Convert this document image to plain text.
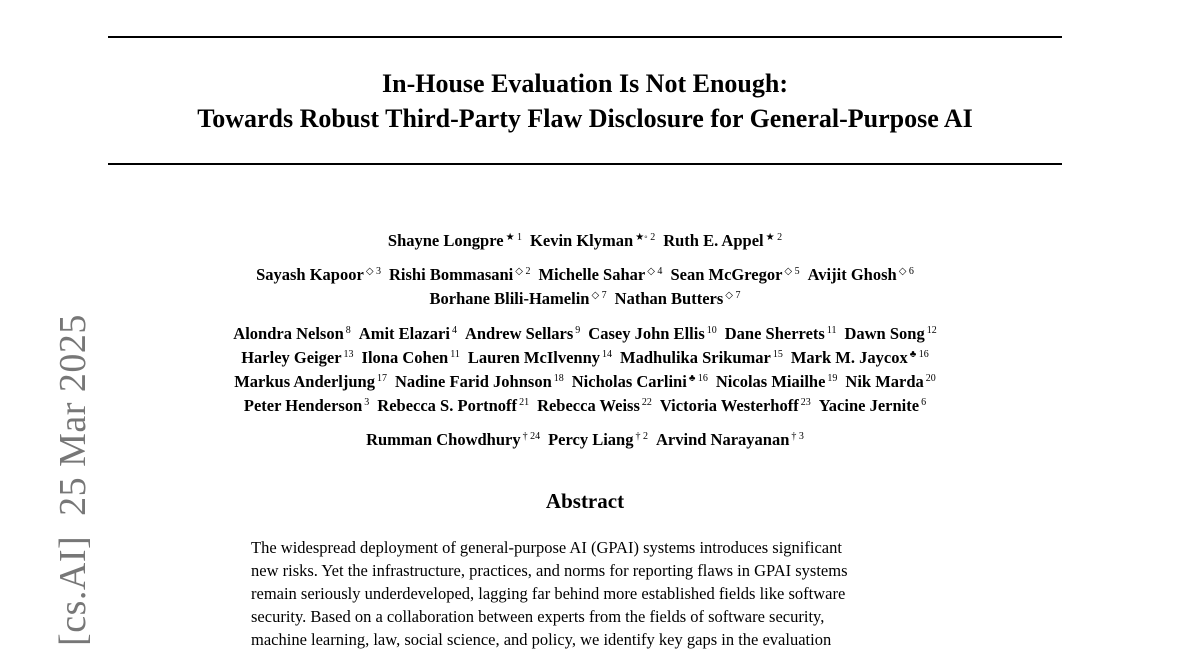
In-House Evaluation Is Not Enough:
Towards Robust Third-Party Flaw Disclosure for General-Purpose AI
Shayne Longpre $^{★ 1}$ Kevin Klyman $^{★◦ 2}$ Ruth E. Appel $^{★ 2}$
Sayash Kapoor $^{◇ 3}$ Rishi Bommasani $^{◇ 2}$ Michelle Sahar $^{◇ 4}$ Sean McGregor $^{◇ 5}$ Avijit Ghosh $^{◇ 6}$
Borhane Blili-Hamelin $^{◇ 7}$ Nathan Butters $^{◇ 7}$
Alondra Nelson $^8$ Amit Elazari $^4$ Andrew Sellars $^9$ Casey John Ellis $^{10}$ Dane Sherrets $^{11}$ Dawn Song $^{12}$
Harley Geiger $^{13}$ Ilona Cohen $^{11}$ Lauren McIlvenny $^{14}$ Madhulika Srikumar $^{15}$ Mark M. Jaycox $^{♣ 16}$
Markus Anderljung $^{17}$ Nadine Farid Johnson $^{18}$ Nicholas Carlini $^{♣ 16}$ Nicolas Miailhe $^{19}$ Nik Marda $^{20}$
Peter Henderson $^3$ Rebecca S. Portnoff $^{21}$ Rebecca Weiss $^{22}$ Victoria Westerhoff $^{23}$ Yacine Jernite $^6$
Rumman Chowdhury $^{\dagger 24}$ Percy Liang $^{\dagger 2}$ Arvind Narayanan $^{\dagger 3}$
Abstract
The widespread deployment of general-purpose AI (GPAI) systems introduces significant
new risks. Yet the infrastructure, practices, and norms for reporting flaws in GPAI systems
remain seriously underdeveloped, lagging far behind more established fields like software
security. Based on a collaboration between experts from the fields of software security,
machine learning, law, social science, and policy, we identify key gaps in the evaluation
[cs.AI]25 Mar 2025
